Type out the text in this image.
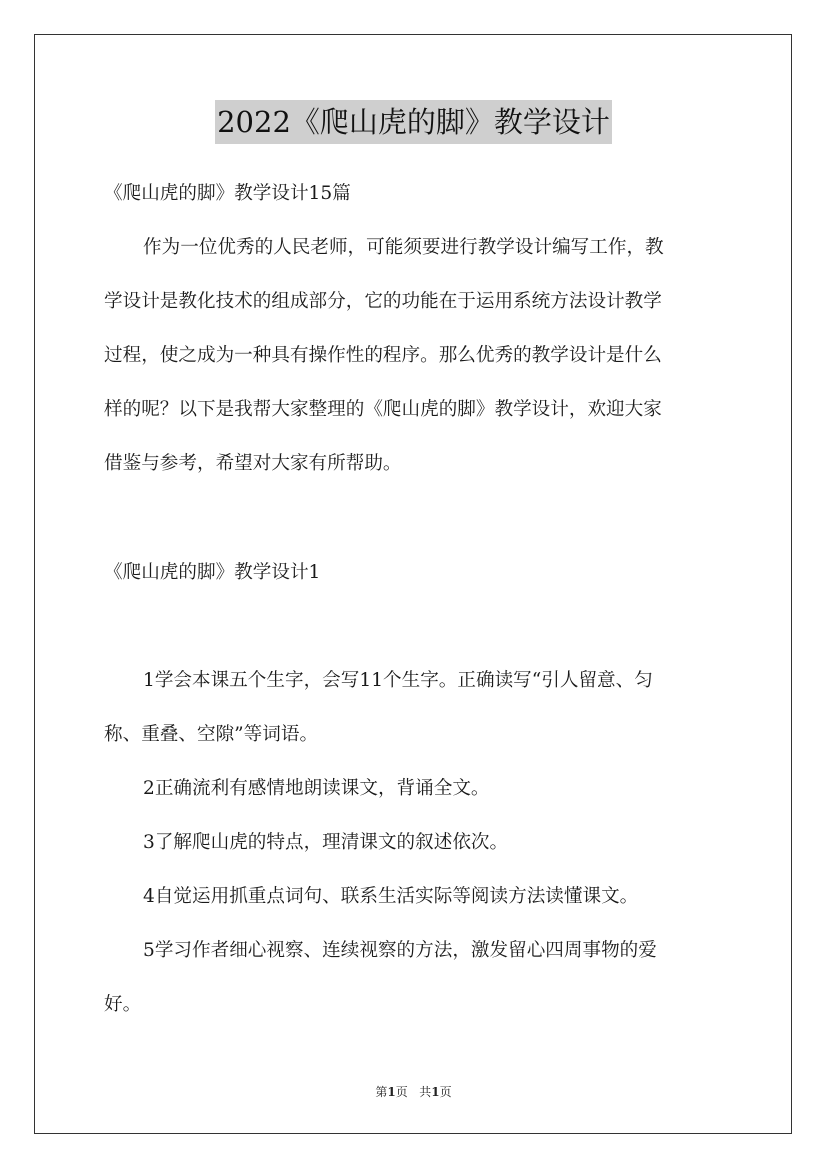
2022《爬山虎的脚》教学设计

《爬山虎的脚》教学设计15篇

作为一位优秀的人民老师，可能须要进行教学设计编写工作，教

学设计是教化技术的组成部分，它的功能在于运用系统方法设计教学

过程，使之成为一种具有操作性的程序。那么优秀的教学设计是什么

样的呢？以下是我帮大家整理的《爬山虎的脚》教学设计，欢迎大家

借鉴与参考，希望对大家有所帮助。

《爬山虎的脚》教学设计1

1学会本课五个生字，会写11个生字。正确读写“引人留意、匀

称、重叠、空隙”等词语。

2正确流利有感情地朗读课文，背诵全文。

3了解爬山虎的特点，理清课文的叙述依次。

4自觉运用抓重点词句、联系生活实际等阅读方法读懂课文。

5学习作者细心视察、连续视察的方法，激发留心四周事物的爱

好。

第1页 共1页
